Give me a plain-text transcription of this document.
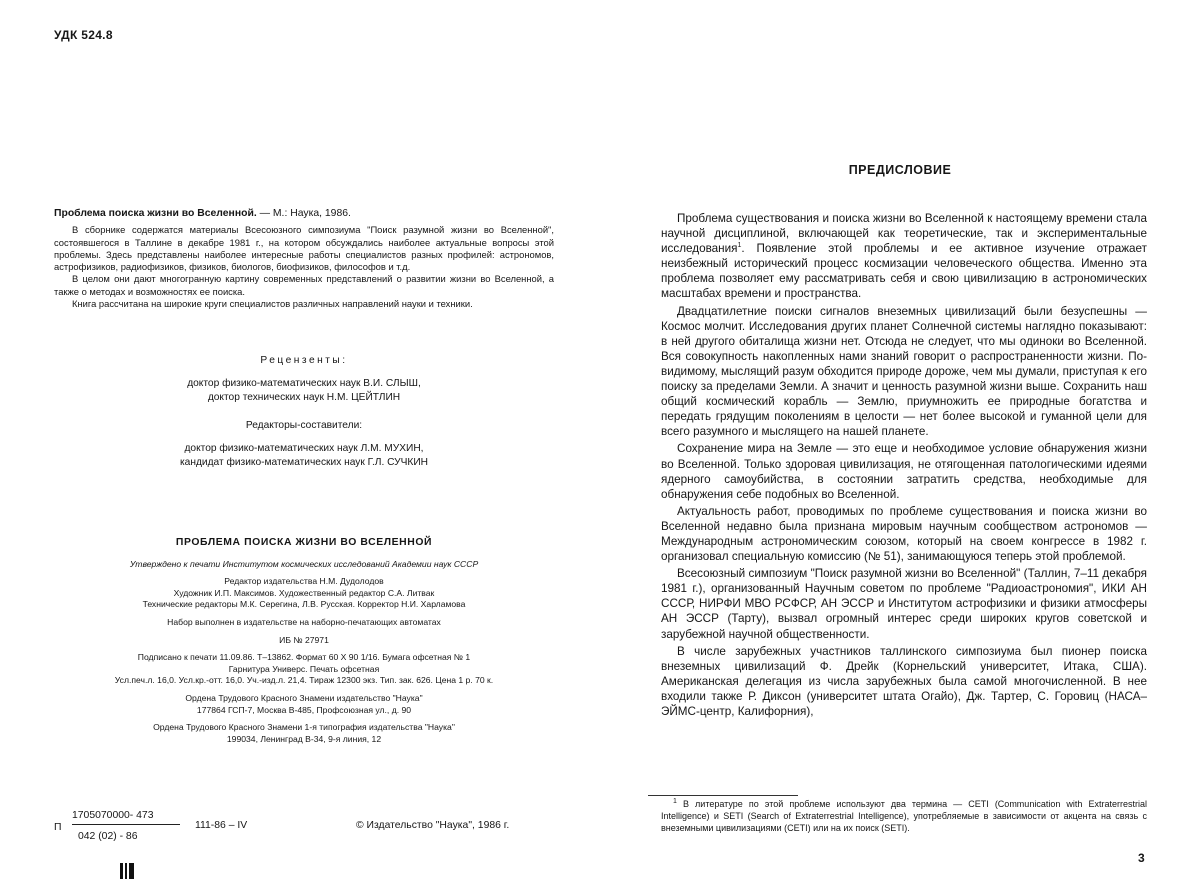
УДК 524.8

Проблема поиска жизни во Вселенной. — М.: Наука, 1986.

В сборнике содержатся материалы Всесоюзного симпозиума "Поиск разумной жизни во Вселенной", состоявшегося в Таллине в декабре 1981 г., на котором обсуждались наиболее актуальные вопросы этой проблемы. Здесь представлены наиболее интересные работы специалистов разных профилей: астрономов, астрофизиков, радиофизиков, физиков, биологов, биофизиков, философов и т.д.

В целом они дают многогранную картину современных представлений о развитии жизни во Вселенной, а также о методах и возможностях ее поиска.

Книга рассчитана на широкие круги специалистов различных направлений науки и техники.

Рецензенты:
доктор физико-математических наук В.И. СЛЫШ,
доктор технических наук Н.М. ЦЕЙТЛИН
Редакторы-составители:
доктор физико-математических наук Л.М. МУХИН,
кандидат физико-математических наук Г.Л. СУЧКИН
ПРОБЛЕМА ПОИСКА ЖИЗНИ ВО ВСЕЛЕННОЙ
Утверждено к печати Институтом космических исследований Академии наук СССР
Редактор издательства Н.М. Дудолодов
Художник И.П. Максимов. Художественный редактор С.А. Литвак
Технические редакторы М.К. Серегина, Л.В. Русская. Корректор Н.И. Харламова
Набор выполнен в издательстве на наборно-печатающих автоматах
ИБ № 27971
Подписано к печати 11.09.86. Т–13862. Формат 60 Х 90 1/16. Бумага офсетная № 1
Гарнитура Универс. Печать офсетная
Усл.печ.л. 16,0. Усл.кр.-отт. 16,0. Уч.-изд.л. 21,4. Тираж 12300 экз. Тип. зак. 626. Цена 1 р. 70 к.
Ордена Трудового Красного Знамени издательство "Наука"
177864 ГСП-7, Москва В-485, Профсоюзная ул., д. 90
Ордена Трудового Красного Знамени 1-я типография издательства "Наука"
199034, Ленинград В-34, 9-я линия, 12
1705070000- 473
П
042 (02) - 86
111-86 – IV	© Издательство "Наука", 1986 г.
ПРЕДИСЛОВИЕ

Проблема существования и поиска жизни во Вселенной к настоящему времени стала научной дисциплиной, включающей как теоретические, так и экспериментальные исследования$^1$. Появление этой проблемы и ее активное изучение отражает неизбежный исторический процесс космизации человеческого общества. Именно эта проблема позволяет ему рассматривать себя и свою цивилизацию в астрономических масштабах времени и пространства.

Двадцатилетние поиски сигналов внеземных цивилизаций были безуспешны — Космос молчит. Исследования других планет Солнечной системы наглядно показывают: в ней другого обиталища жизни нет. Отсюда не следует, что мы одиноки во Вселенной. Вся совокупность накопленных нами знаний говорит о распространенности жизни. По-видимому, мыслящий разум обходится природе дороже, чем мы думали, приступая к его поиску за пределами Земли. А значит и ценность разумной жизни выше. Сохранить наш общий космический корабль — Землю, приумножить ее природные богатства и передать грядущим поколениям в целости — нет более высокой и гуманной цели для всего разумного и мыслящего на нашей планете.

Сохранение мира на Земле — это еще и необходимое условие обнаружения жизни во Вселенной. Только здоровая цивилизация, не отягощенная патологическими идеями ядерного самоубийства, в состоянии затратить средства, необходимые для обнаружения себе подобных во Вселенной.

Актуальность работ, проводимых по проблеме существования и поиска жизни во Вселенной недавно была признана мировым научным сообществом астрономов — Международным астрономическим союзом, который на своем конгрессе в 1982 г. организовал специальную комиссию (№ 51), занимающуюся теперь этой проблемой.

Всесоюзный симпозиум "Поиск разумной жизни во Вселенной" (Таллин, 7–11 декабря 1981 г.), организованный Научным советом по проблеме "Радиоастрономия", ИКИ АН СССР, НИРФИ МВО РСФСР, АН ЭССР и Институтом астрофизики и физики атмосферы АН ЭССР (Тарту), вызвал огромный интерес среди широких кругов советской и зарубежной научной общественности.

В числе зарубежных участников таллинского симпозиума был пионер поиска внеземных цивилизаций Ф. Дрейк (Корнельский университет, Итака, США). Американская делегация из числа зарубежных была самой многочисленной. В нее входили также Р. Диксон (университет штата Огайо), Дж. Тартер, С. Горовиц (НАСА–ЭЙМС-центр, Калифорния),

$^1$ В литературе по этой проблеме используют два термина — CETI (Communication with Extraterrestrial Intelligence) и SETI (Search of Extraterrestrial Intelligence), употребляемые в зависимости от акцента на связь с внеземными цивилизациями (CETI) или на их поиск (SETI).
3
